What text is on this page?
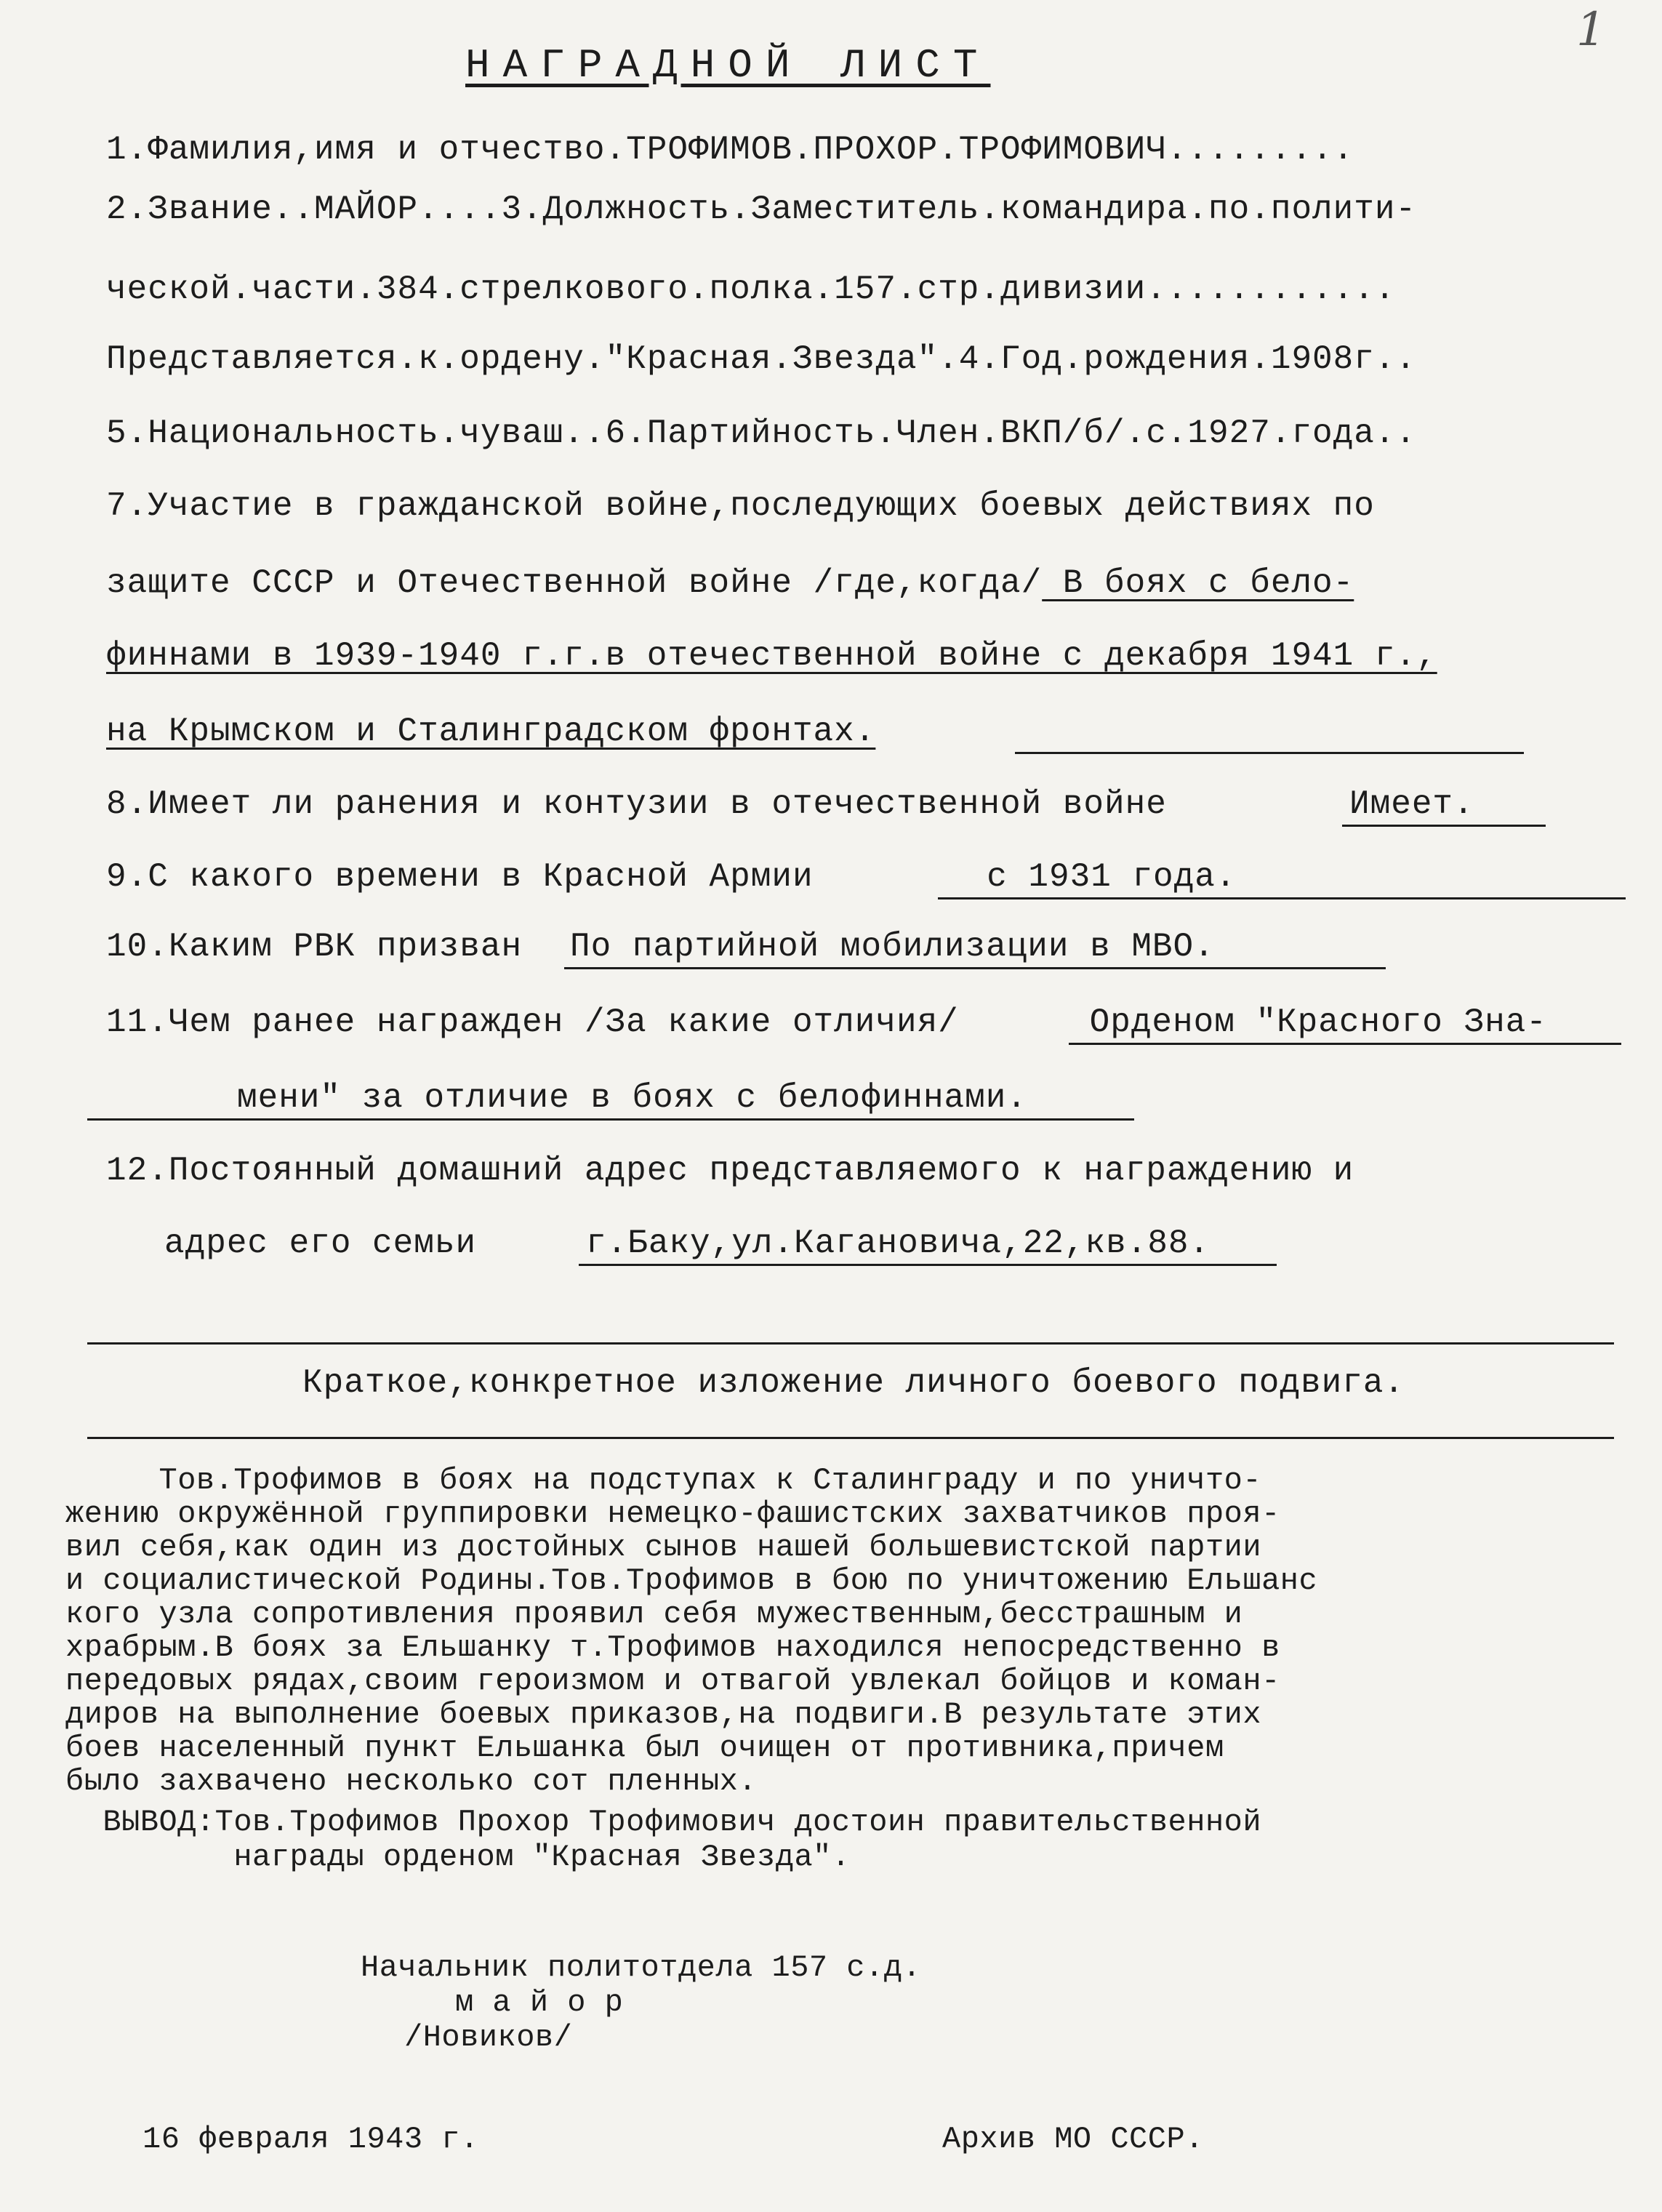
1
НАГРАДНОЙ ЛИСТ
1.Фамилия,имя и отчество.ТРОФИМОВ.ПРОХОР.ТРОФИМОВИЧ.........
2.Звание..МАЙОР....3.Должность.Заместитель.командира.по.полити-
ческой.части.384.стрелкового.полка.157.стр.дивизии............
Представляется.к.ордену."Красная.Звезда".4.Год.рождения.1908г..
5.Национальность.чуваш..6.Партийность.Член.ВКП/б/.с.1927.года..
7.Участие в гражданской войне,последующих боевых действиях по
защите СССР и Отечественной войне /где,когда/ В боях с бело-
финнами в 1939-1940 г.г.в отечественной войне с декабря 1941 г.,
на Крымском и Сталинградском фронтах.
8.Имеет ли ранения и контузии в отечественной войне	Имеет.
9.С какого времени в Красной Армии	с 1931 года.
10.Каким РВК призван По партийной мобилизации в МВО.
11.Чем ранее награжден /За какие отличия/	Орденом "Красного Зна-
мени" за отличие в боях с белофиннами.
12.Постоянный домашний адрес представляемого к награждению и
адрес его семьи	г.Баку,ул.Кагановича,22,кв.88.
Краткое,конкретное изложение личного боевого подвига.
Тов.Трофимов в боях на подступах к Сталинграду и по уничто-
жению окружённой группировки немецко-фашистских захватчиков проя-
вил себя,как один из достойных сынов нашей большевистской партии
и социалистической Родины.Тов.Трофимов в бою по уничтожению Ельшанс
кого узла сопротивления проявил себя мужественным,бесстрашным и
храбрым.В боях за Ельшанку т.Трофимов находился непосредственно в
передовых рядах,своим героизмом и отвагой увлекал бойцов и коман-
диров на выполнение боевых приказов,на подвиги.В результате этих
боев населенный пункт Ельшанка был очищен от противника,причем
было захвачено несколько сот пленных.
ВЫВОД:Тов.Трофимов Прохор Трофимович достоин правительственной
награды орденом "Красная Звезда".
Начальник политотдела 157 с.д.
м а й о р
/Новиков/
16 февраля 1943 г.	Архив МО СССР.
